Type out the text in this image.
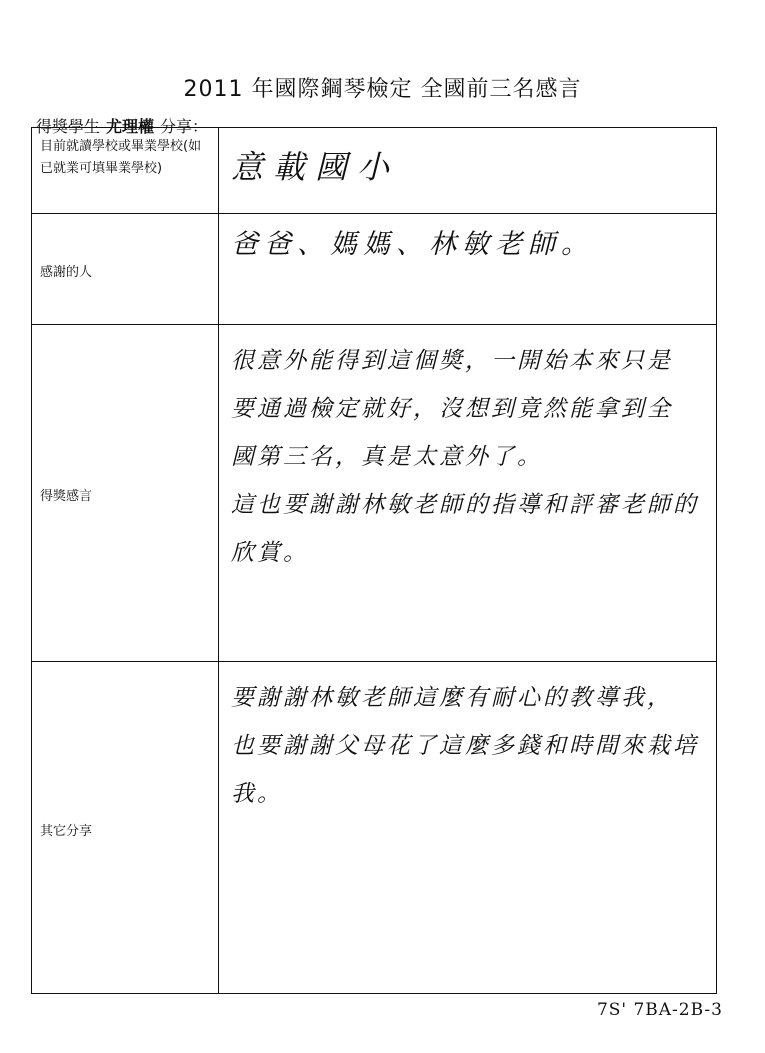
2011 年國際鋼琴檢定 全國前三名感言
得獎學生 尤理權 分享：
目前就讀學校或畢業學校(如已就業可填畢業學校)	意載國小

感謝的人	爸爸、媽媽、林敏老師。

得獎感言	很意外能得到這個獎，一開始本來只是

要通過檢定就好，沒想到竟然能拿到全

國第三名，真是太意外了。

這也要謝謝林敏老師的指導和評審老師的

欣賞。

其它分享	要謝謝林敏老師這麼有耐心的教導我，

也要謝謝父母花了這麼多錢和時間來栽培

我。

7S' 7BA-2B-3
